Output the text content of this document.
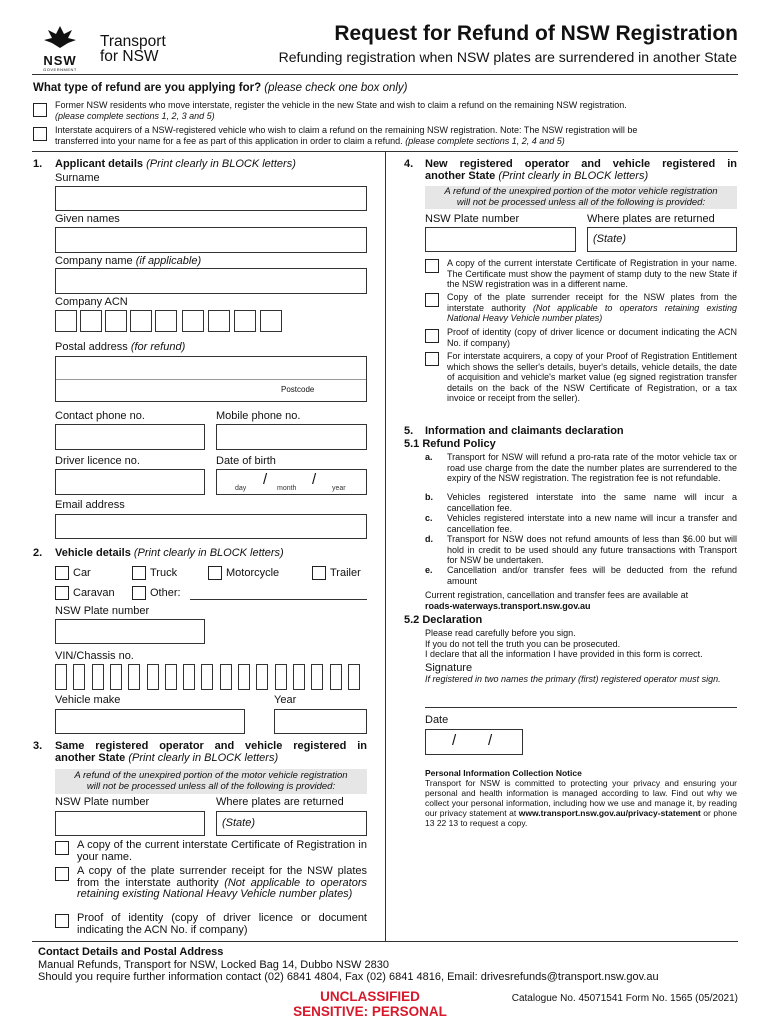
NSW
GOVERNMENT
Transport
for NSW
Request for Refund of NSW Registration
Refunding registration when NSW plates are surrendered in another State
What type of refund are you applying for? (please check one box only)
Former NSW residents who move interstate, register the vehicle in the new State and wish to claim a refund on the remaining NSW registration.
(please complete sections 1, 2, 3 and 5)
Interstate acquirers of a NSW-registered vehicle who wish to claim a refund on the remaining NSW registration. Note: The NSW registration will be
transferred into your name for a fee as part of this application in order to claim a refund. (please complete sections 1, 2, 4 and 5)
1. Applicant details (Print clearly in BLOCK letters)
Surname
Given names
Company name (if applicable)
Company ACN
Postal address (for refund)
Postcode
Contact phone no.	Mobile phone no.
Driver licence no.	Date of birth
day
/
month
/
year
Email address
2. Vehicle details (Print clearly in BLOCK letters)
Car	Truck	Motorcycle	Trailer
Caravan	Other:
NSW Plate number
VIN/Chassis no.
Vehicle make	Year
3. Same registered operator and vehicle registered in
another State (Print clearly in BLOCK letters)
A refund of the unexpired portion of the motor vehicle registration
will not be processed unless all of the following is provided:
NSW Plate number	Where plates are returned
(State)
A copy of the current interstate Certificate of Registration in your name.
A copy of the plate surrender receipt for the NSW plates from the interstate authority (Not applicable to operators retaining existing National Heavy Vehicle number plates)
Proof of identity (copy of driver licence or document indicating the ACN No. if company)
4. New registered operator and vehicle registered in
another State (Print clearly in BLOCK letters)
A refund of the unexpired portion of the motor vehicle registration
will not be processed unless all of the following is provided:
NSW Plate number	Where plates are returned
(State)
A copy of the current interstate Certificate of Registration in your name. The Certificate must show the payment of stamp duty to the new State if the NSW registration was in a different name.
Copy of the plate surrender receipt for the NSW plates from the interstate authority (Not applicable to operators retaining existing National Heavy Vehicle number plates)
Proof of identity (copy of driver licence or document indicating the ACN No. if company)
For interstate acquirers, a copy of your Proof of Registration Entitlement which shows the seller's details, buyer's details, vehicle details, the date of acquisition and vehicle's market value (eg signed registration transfer details on the back of the NSW Certificate of Registration, or a tax invoice or receipt from the seller).
5. Information and claimants declaration
5.1 Refund Policy
a. Transport for NSW will refund a pro-rata rate of the motor vehicle tax or road use charge from the date the number plates are surrendered to the expiry of the NSW registration. The registration fee is not refundable.
b. Vehicles registered interstate into the same name will incur a cancellation fee.
c. Vehicles registered interstate into a new name will incur a transfer and cancellation fee.
d. Transport for NSW does not refund amounts of less than $6.00 but will hold in credit to be used should any future transactions with Transport for NSW be undertaken.
e. Cancellation and/or transfer fees will be deducted from the refund amount
Current registration, cancellation and transfer fees are available at
roads-waterways.transport.nsw.gov.au
5.2 Declaration
Please read carefully before you sign.
If you do not tell the truth you can be prosecuted.
I declare that all the information I have provided in this form is correct.
Signature
If registered in two names the primary (first) registered operator must sign.
Date
/ /
Personal Information Collection Notice
Transport for NSW is committed to protecting your privacy and ensuring your personal and health information is managed according to law. Find out why we collect your personal information, including how we use and manage it, by reading our privacy statement at www.transport.nsw.gov.au/privacy-statement or phone 13 22 13 to request a copy.
Contact Details and Postal Address
Manual Refunds, Transport for NSW, Locked Bag 14, Dubbo NSW 2830
Should you require further information contact (02) 6841 4804, Fax (02) 6841 4816, Email: drivesrefunds@transport.nsw.gov.au
UNCLASSIFIED
SENSITIVE: PERSONAL
Catalogue No. 45071541 Form No. 1565 (05/2021)
